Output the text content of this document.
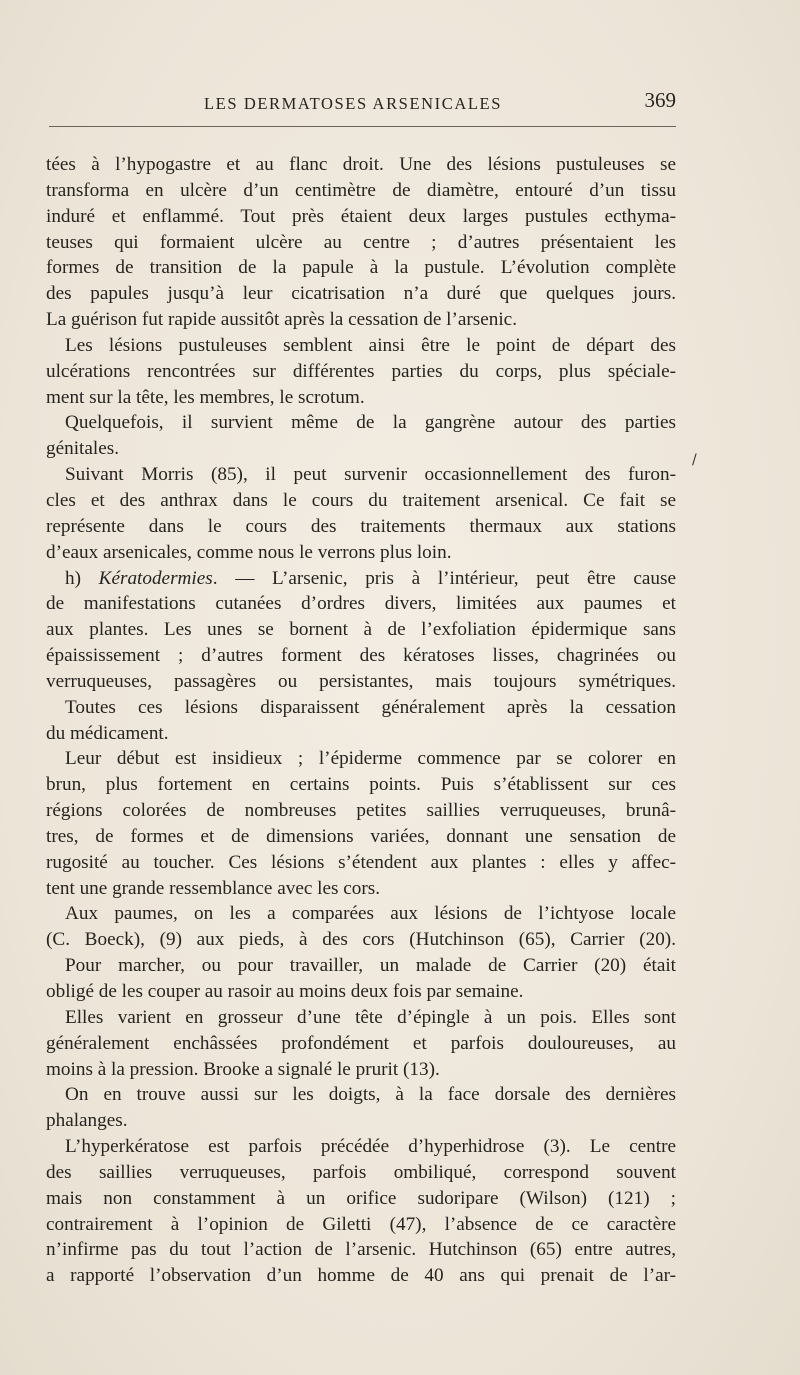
LES DERMATOSES ARSENICALES	369
tées à l’hypogastre et au flanc droit. Une des lésions pustuleuses se
transforma en ulcère d’un centimètre de diamètre, entouré d’un tissu
induré et enflammé. Tout près étaient deux larges pustules ecthyma-
teuses qui formaient ulcère au centre ; d’autres présentaient les
formes de transition de la papule à la pustule. L’évolution complète
des papules jusqu’à leur cicatrisation n’a duré que quelques jours.
La guérison fut rapide aussitôt après la cessation de l’arsenic.
Les lésions pustuleuses semblent ainsi être le point de départ des
ulcérations rencontrées sur différentes parties du corps, plus spéciale-
ment sur la tête, les membres, le scrotum.
Quelquefois, il survient même de la gangrène autour des parties
génitales.
Suivant Morris (85), il peut survenir occasionnellement des furon-
cles et des anthrax dans le cours du traitement arsenical. Ce fait se
représente dans le cours des traitements thermaux aux stations
d’eaux arsenicales, comme nous le verrons plus loin.
h) Kératodermies. — L’arsenic, pris à l’intérieur, peut être cause
de manifestations cutanées d’ordres divers, limitées aux paumes et
aux plantes. Les unes se bornent à de l’exfoliation épidermique sans
épaississement ; d’autres forment des kératoses lisses, chagrinées ou
verruqueuses, passagères ou persistantes, mais toujours symétriques.
Toutes ces lésions disparaissent généralement après la cessation
du médicament.
Leur début est insidieux ; l’épiderme commence par se colorer en
brun, plus fortement en certains points. Puis s’établissent sur ces
régions colorées de nombreuses petites saillies verruqueuses, brunâ-
tres, de formes et de dimensions variées, donnant une sensation de
rugosité au toucher. Ces lésions s’étendent aux plantes : elles y affec-
tent une grande ressemblance avec les cors.
Aux paumes, on les a comparées aux lésions de l’ichtyose locale
(C. Boeck), (9) aux pieds, à des cors (Hutchinson (65), Carrier (20).
Pour marcher, ou pour travailler, un malade de Carrier (20) était
obligé de les couper au rasoir au moins deux fois par semaine.
Elles varient en grosseur d’une tête d’épingle à un pois. Elles sont
généralement enchâssées profondément et parfois douloureuses, au
moins à la pression. Brooke a signalé le prurit (13).
On en trouve aussi sur les doigts, à la face dorsale des dernières
phalanges.
L’hyperkératose est parfois précédée d’hyperhidrose (3). Le centre
des saillies verruqueuses, parfois ombiliqué, correspond souvent
mais non constamment à un orifice sudoripare (Wilson) (121) ;
contrairement à l’opinion de Giletti (47), l’absence de ce caractère
n’infirme pas du tout l’action de l’arsenic. Hutchinson (65) entre autres,
a rapporté l’observation d’un homme de 40 ans qui prenait de l’ar-
/
